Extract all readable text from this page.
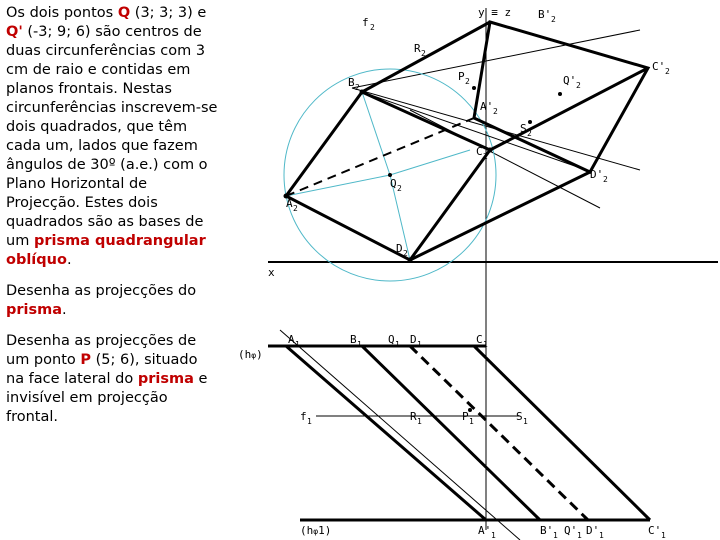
Os dois pontos Q (3; 3; 3) e Q' (-3; 9; 6) são centros de duas circunferências com 3 cm de raio e contidas em planos frontais. Nestas circunferências inscrevem-se dois quadrados, que têm cada um, lados que fazem ângulos de 30º (a.e.) com o Plano Horizontal de Projecção. Estes dois quadrados são as bases de um prisma quadrangular oblíquo.

Desenha as projecções do prisma.

Desenha as projecções de um ponto P (5; 6), situado na face lateral do prisma e invisível em projecção frontal.

y ≡ z
f 2
R 2
B 2
P 2
B' 2
C' 2
Q' 2
A' 2
S 2
C 2
D' 2
Q 2
A 2
D 2
x
(hφ)
A 1	B 1 Q 1 D 1	C 1
f 1	R 1	P 1	S 1
(hφ1)	A' 1	B' 1 Q' 1 D' 1	C' 1
